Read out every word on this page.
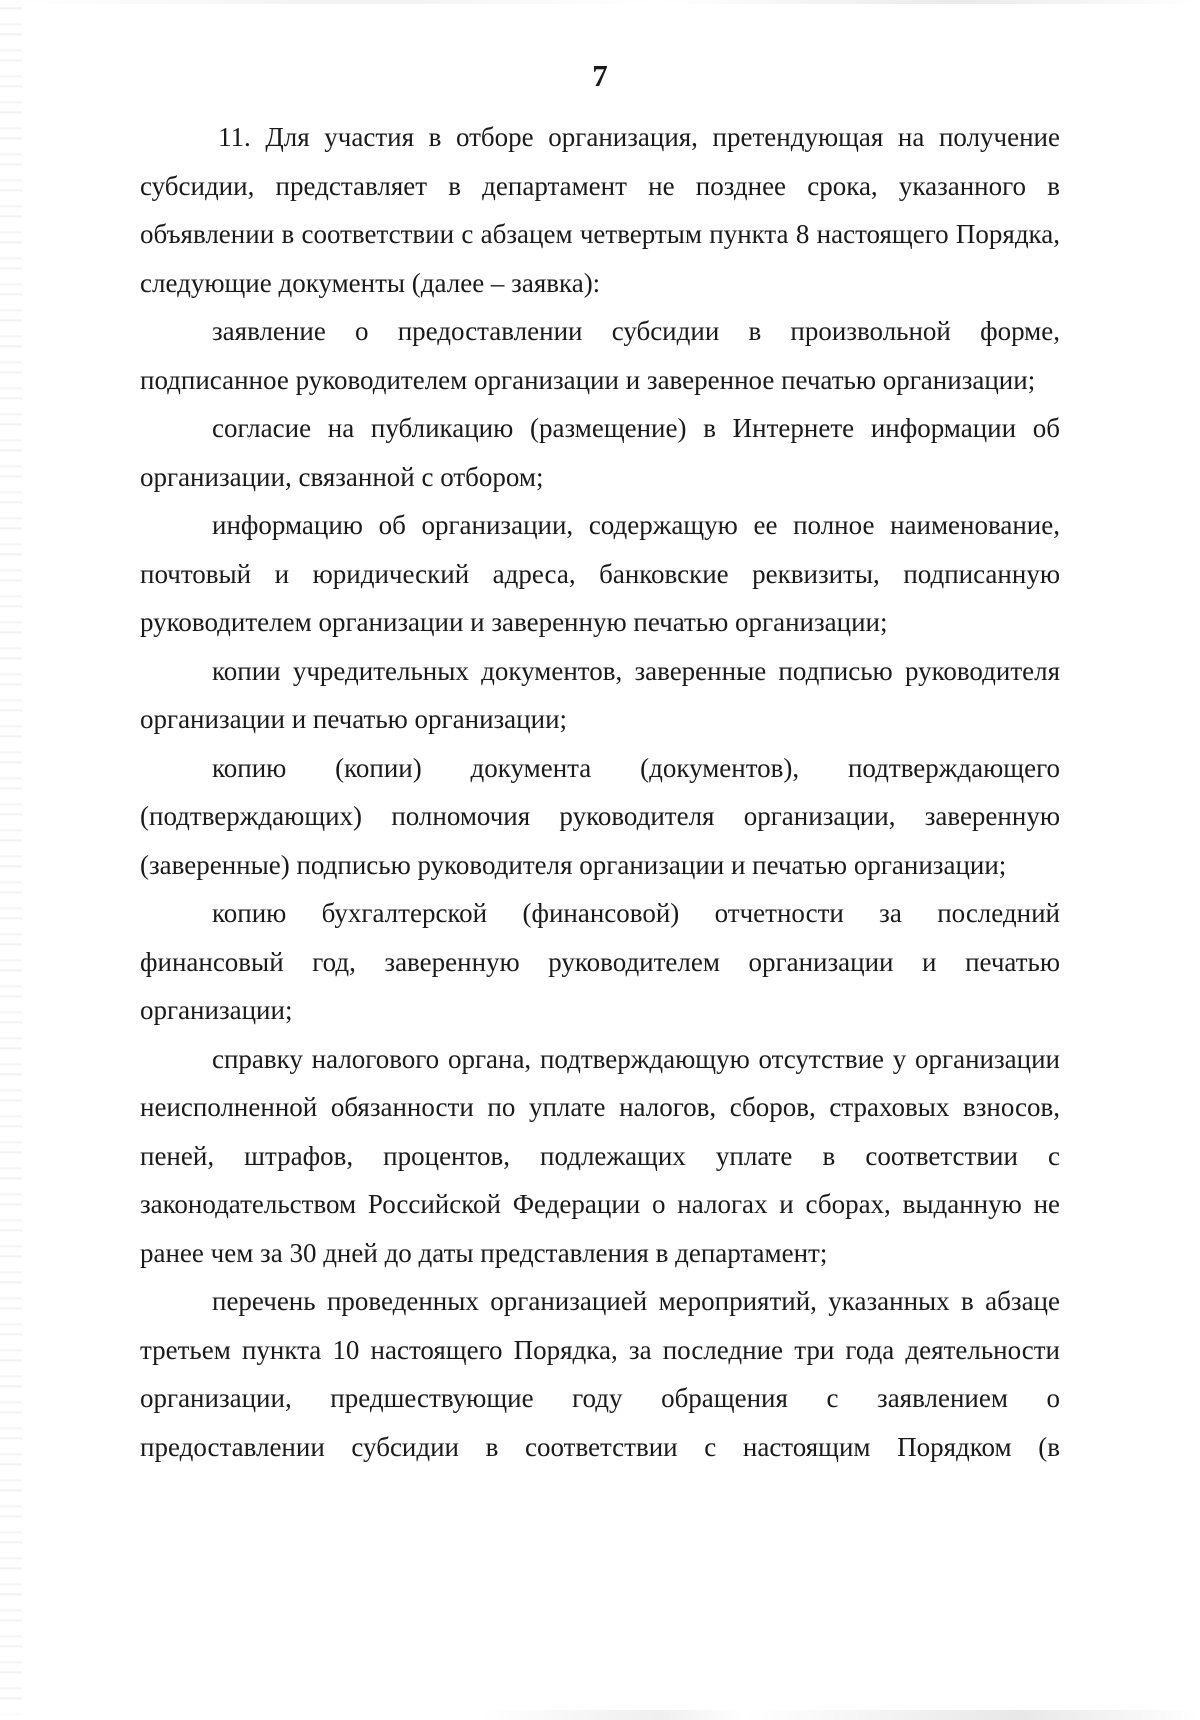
7

11. Для участия в отборе организация, претендующая на получение субсидии, представляет в департамент не позднее срока, указанного в объявлении в соответствии с абзацем четвертым пункта 8 настоящего Порядка, следующие документы (далее – заявка):

заявление о предоставлении субсидии в произвольной форме, подписанное руководителем организации и заверенное печатью организации;

согласие на публикацию (размещение) в Интернете информации об организации, связанной с отбором;

информацию об организации, содержащую ее полное наименование, почтовый и юридический адреса, банковские реквизиты, подписанную руководителем организации и заверенную печатью организации;

копии учредительных документов, заверенные подписью руководителя организации и печатью организации;

копию (копии) документа (документов), подтверждающего (подтверждающих) полномочия руководителя организации, заверенную (заверенные) подписью руководителя организации и печатью организации;

копию бухгалтерской (финансовой) отчетности за последний финансовый год, заверенную руководителем организации и печатью организации;

справку налогового органа, подтверждающую отсутствие у организации неисполненной обязанности по уплате налогов, сборов, страховых взносов, пеней, штрафов, процентов, подлежащих уплате в соответствии с законодательством Российской Федерации о налогах и сборах, выданную не ранее чем за 30 дней до даты представления в департамент;

перечень проведенных организацией мероприятий, указанных в абзаце третьем пункта 10 настоящего Порядка, за последние три года деятельности организации, предшествующие году обращения с заявлением о предоставлении субсидии в соответствии с настоящим Порядком (в
